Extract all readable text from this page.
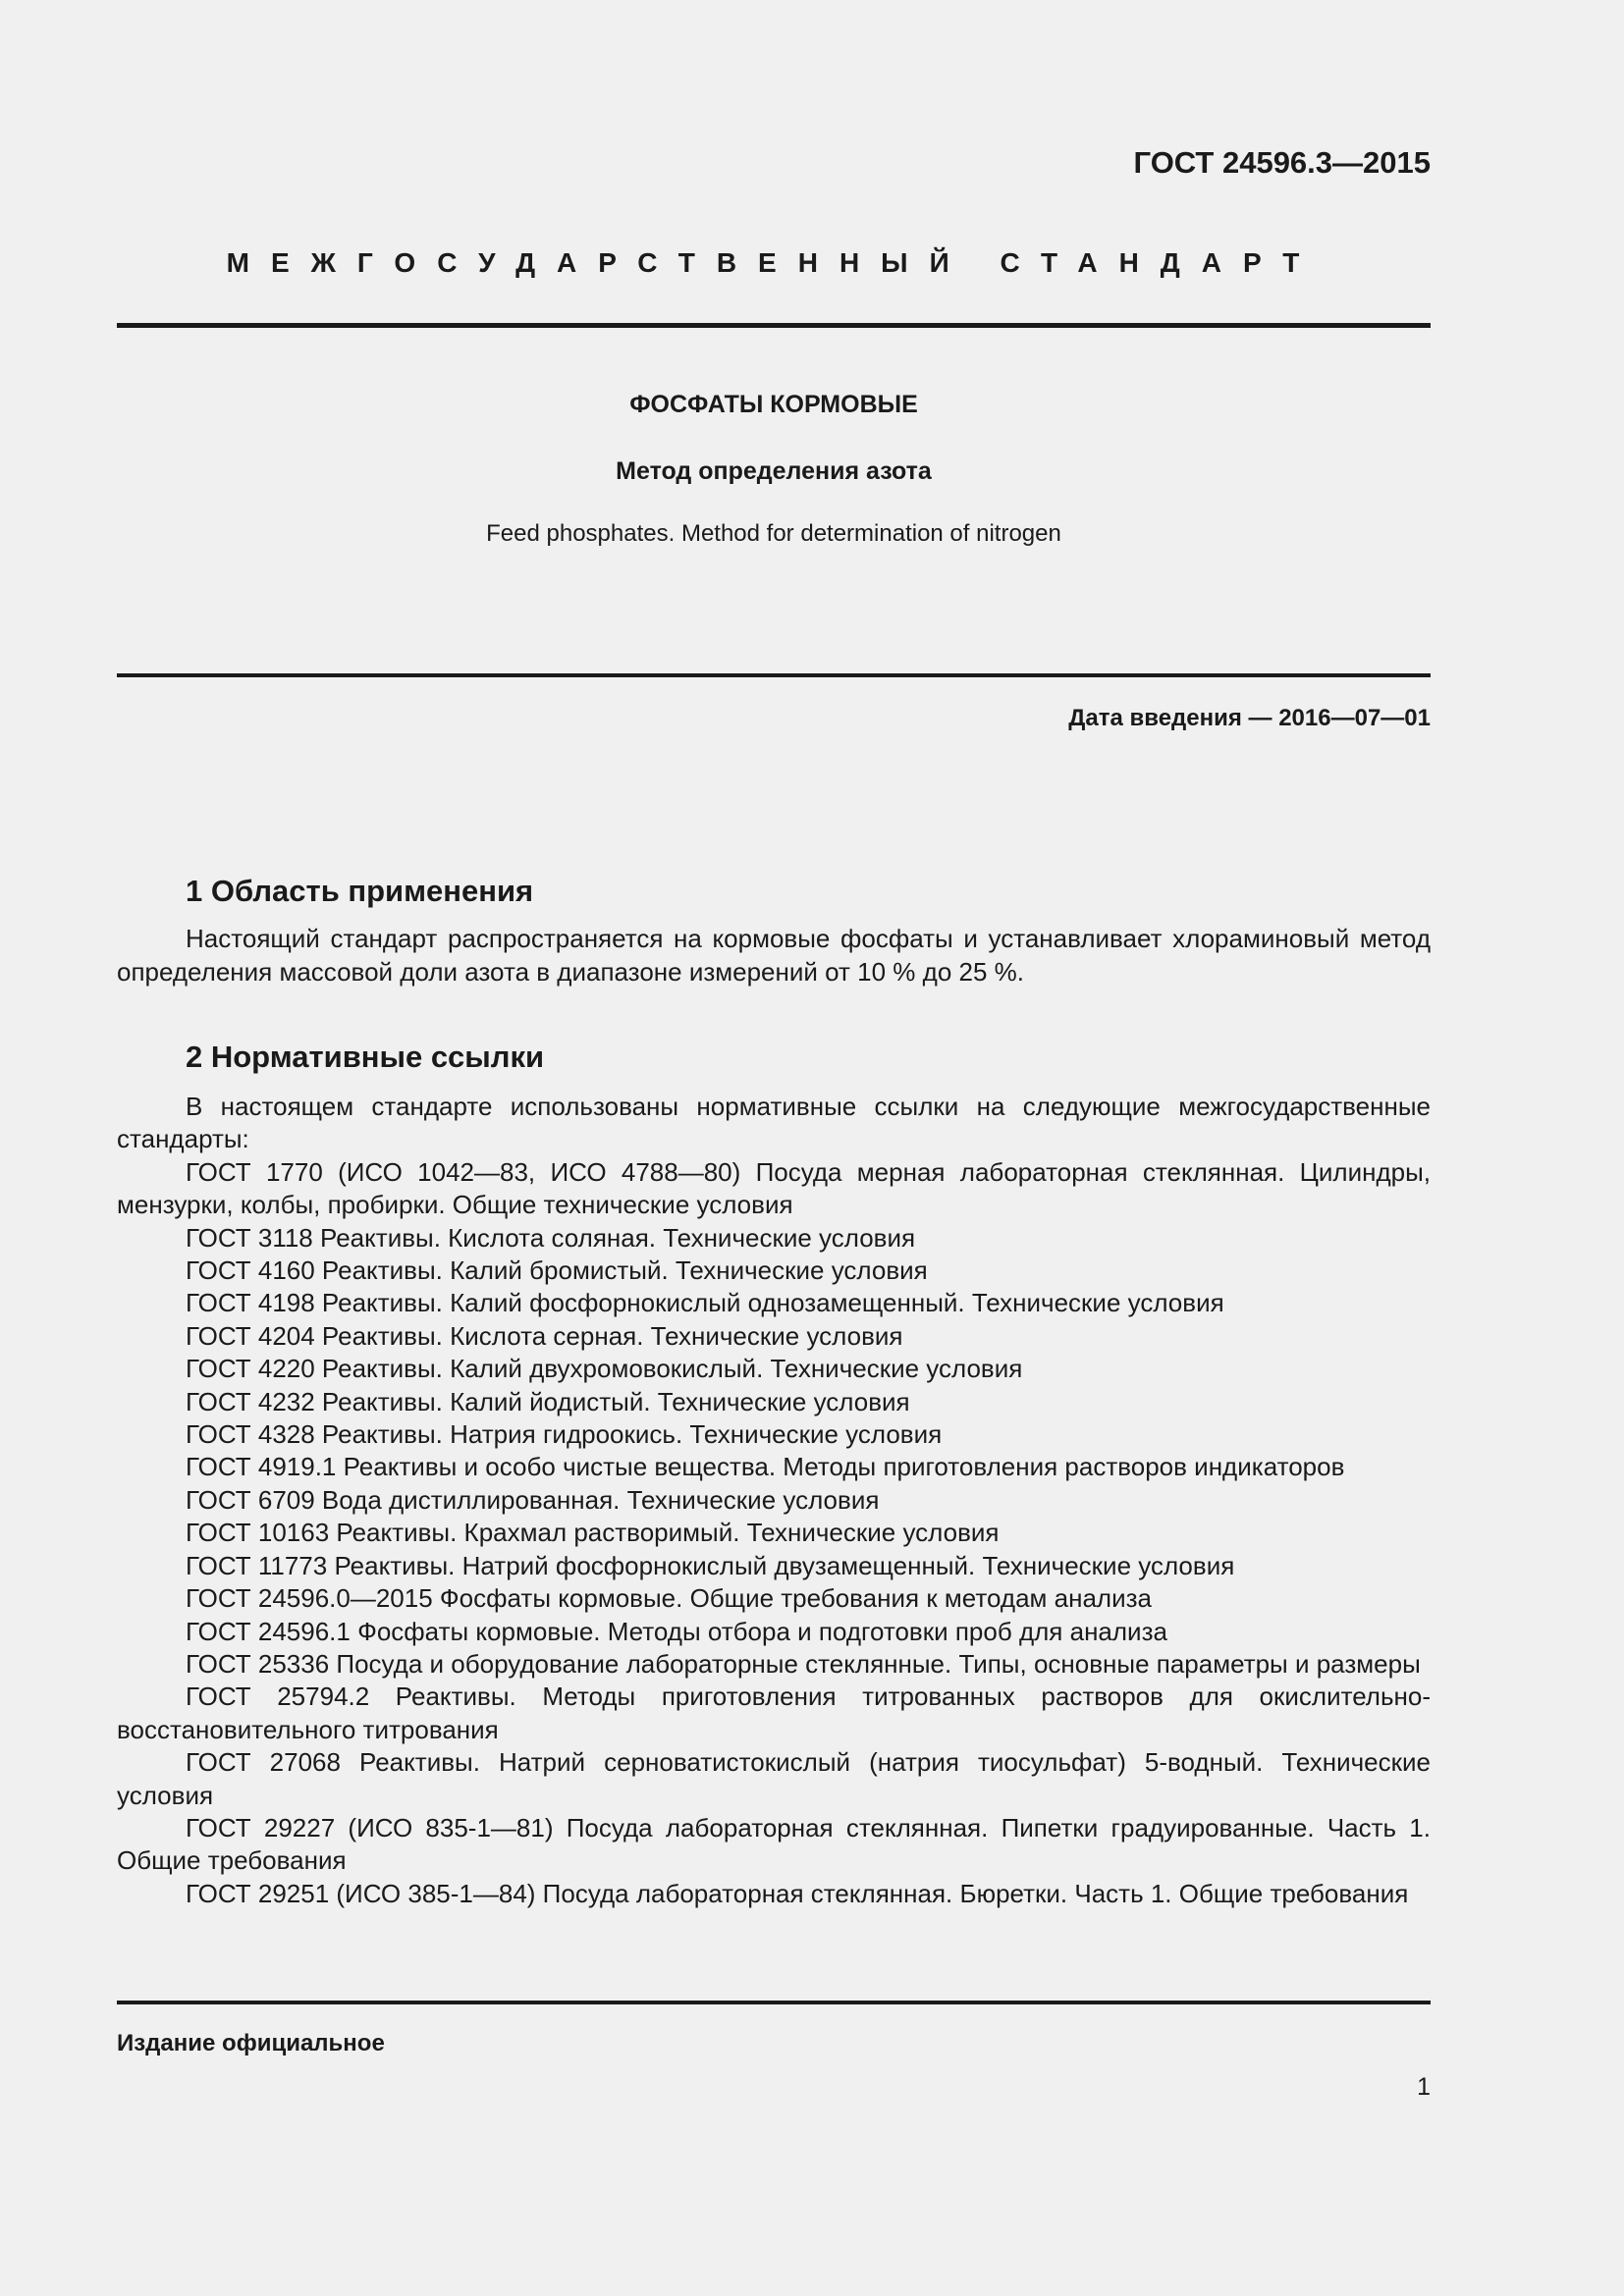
ГОСТ 24596.3—2015
МЕЖГОСУДАРСТВЕННЫЙ СТАНДАРТ
ФОСФАТЫ КОРМОВЫЕ
Метод определения азота
Feed phosphates. Method for determination of nitrogen
Дата введения — 2016—07—01
1 Область применения

Настоящий стандарт распространяется на кормовые фосфаты и устанавливает хлораминовый метод определения массовой доли азота в диапазоне измерений от 10 % до 25 %.

2 Нормативные ссылки

В настоящем стандарте использованы нормативные ссылки на следующие межгосударственные стандарты:

ГОСТ 1770 (ИСО 1042—83, ИСО 4788—80) Посуда мерная лабораторная стеклянная. Цилиндры, мензурки, колбы, пробирки. Общие технические условия

ГОСТ 3118 Реактивы. Кислота соляная. Технические условия

ГОСТ 4160 Реактивы. Калий бромистый. Технические условия

ГОСТ 4198 Реактивы. Калий фосфорнокислый однозамещенный. Технические условия

ГОСТ 4204 Реактивы. Кислота серная. Технические условия

ГОСТ 4220 Реактивы. Калий двухромовокислый. Технические условия

ГОСТ 4232 Реактивы. Калий йодистый. Технические условия

ГОСТ 4328 Реактивы. Натрия гидроокись. Технические условия

ГОСТ 4919.1 Реактивы и особо чистые вещества. Методы приготовления растворов индикаторов

ГОСТ 6709 Вода дистиллированная. Технические условия

ГОСТ 10163 Реактивы. Крахмал растворимый. Технические условия

ГОСТ 11773 Реактивы. Натрий фосфорнокислый двузамещенный. Технические условия

ГОСТ 24596.0—2015 Фосфаты кормовые. Общие требования к методам анализа

ГОСТ 24596.1 Фосфаты кормовые. Методы отбора и подготовки проб для анализа

ГОСТ 25336 Посуда и оборудование лабораторные стеклянные. Типы, основные параметры и размеры

ГОСТ 25794.2 Реактивы. Методы приготовления титрованных растворов для окислительно-восстановительного титрования

ГОСТ 27068 Реактивы. Натрий серноватистокислый (натрия тиосульфат) 5-водный. Технические условия

ГОСТ 29227 (ИСО 835-1—81) Посуда лабораторная стеклянная. Пипетки градуированные. Часть 1. Общие требования

ГОСТ 29251 (ИСО 385-1—84) Посуда лабораторная стеклянная. Бюретки. Часть 1. Общие требования

Издание официальное
1
